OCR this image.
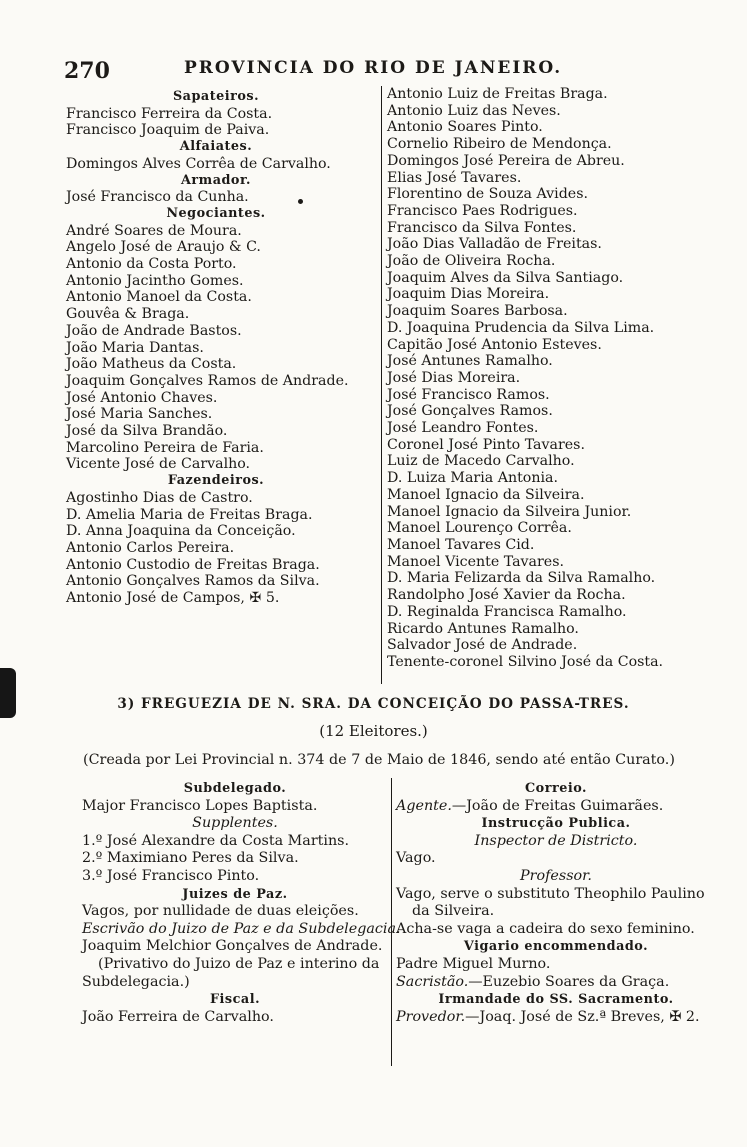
270	PROVINCIA DO RIO DE JANEIRO.
Sapateiros.
Francisco Ferreira da Costa.
Francisco Joaquim de Paiva.
Alfaiates.
Domingos Alves Corrêa de Carvalho.
Armador.
José Francisco da Cunha.
Negociantes.
André Soares de Moura.
Angelo José de Araujo & C.
Antonio da Costa Porto.
Antonio Jacintho Gomes.
Antonio Manoel da Costa.
Gouvêa & Braga.
João de Andrade Bastos.
João Maria Dantas.
João Matheus da Costa.
Joaquim Gonçalves Ramos de Andrade.
José Antonio Chaves.
José Maria Sanches.
José da Silva Brandão.
Marcolino Pereira de Faria.
Vicente José de Carvalho.
Fazendeiros.
Agostinho Dias de Castro.
D. Amelia Maria de Freitas Braga.
D. Anna Joaquina da Conceição.
Antonio Carlos Pereira.
Antonio Custodio de Freitas Braga.
Antonio Gonçalves Ramos da Silva.
Antonio José de Campos, ✠ 5.
Antonio Luiz de Freitas Braga.
Antonio Luiz das Neves.
Antonio Soares Pinto.
Cornelio Ribeiro de Mendonça.
Domingos José Pereira de Abreu.
Elias José Tavares.
Florentino de Souza Avides.
Francisco Paes Rodrigues.
Francisco da Silva Fontes.
João Dias Valladão de Freitas.
João de Oliveira Rocha.
Joaquim Alves da Silva Santiago.
Joaquim Dias Moreira.
Joaquim Soares Barbosa.
D. Joaquina Prudencia da Silva Lima.
Capitão José Antonio Esteves.
José Antunes Ramalho.
José Dias Moreira.
José Francisco Ramos.
José Gonçalves Ramos.
José Leandro Fontes.
Coronel José Pinto Tavares.
Luiz de Macedo Carvalho.
D. Luiza Maria Antonia.
Manoel Ignacio da Silveira.
Manoel Ignacio da Silveira Junior.
Manoel Lourenço Corrêa.
Manoel Tavares Cid.
Manoel Vicente Tavares.
D. Maria Felizarda da Silva Ramalho.
Randolpho José Xavier da Rocha.
D. Reginalda Francisca Ramalho.
Ricardo Antunes Ramalho.
Salvador José de Andrade.
Tenente-coronel Silvino José da Costa.
3) FREGUEZIA DE N. SRA. DA CONCEIÇÃO DO PASSA-TRES.
(12 Eleitores.)
(Creada por Lei Provincial n. 374 de 7 de Maio de 1846, sendo até então Curato.)
Subdelegado.
Major Francisco Lopes Baptista.
Supplentes.
1.º José Alexandre da Costa Martins.
2.º Maximiano Peres da Silva.
3.º José Francisco Pinto.
Juizes de Paz.
Vagos, por nullidade de duas eleições.
Escrivão do Juizo de Paz e da Subdelegacia.
Joaquim Melchior Gonçalves de Andrade.
(Privativo do Juizo de Paz e interino da
Subdelegacia.)
Fiscal.
João Ferreira de Carvalho.
Correio.
Agente.—João de Freitas Guimarães.
Instrucção Publica.
Inspector de Districto.
Vago.
Professor.
Vago, serve o substituto Theophilo Paulino
da Silveira.
Acha-se vaga a cadeira do sexo feminino.
Vigario encommendado.
Padre Miguel Murno.
Sacristão.—Euzebio Soares da Graça.
Irmandade do SS. Sacramento.
Provedor.—Joaq. José de Sz.ª Breves, ✠ 2.
